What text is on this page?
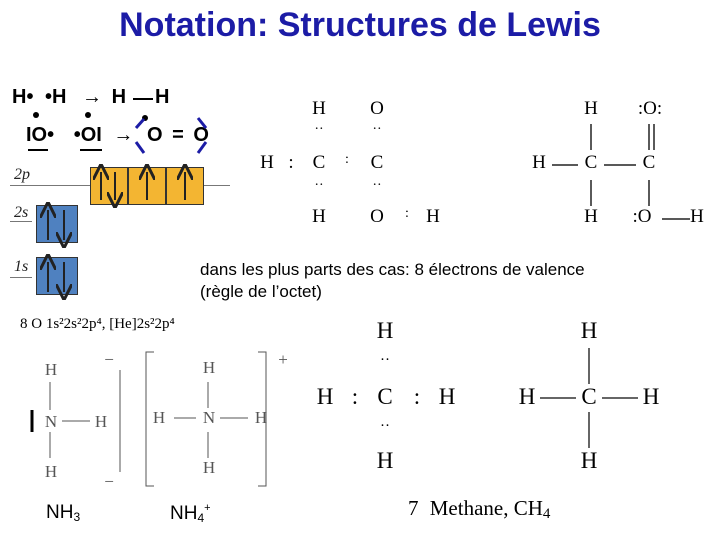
Notation: Structures de Lewis
H• •H → H H
IO• •OI → O = O
2p
2s
1s
8 O 1s²2s²2p⁴, [He]2s²2p⁴
H O
··	··
H :	C	:	C
··	··
H O	: H
H	:O:
H C C
H	:O	H
dans les plus parts des cas: 8 électrons de valence
(règle de l’octet)
H
N H
H
−
−
H
H N H
H
+
$NH_3$	$NH_4^+$
H
··
H : C : H
··
H
H
H C H
H
7 Methane, $CH_4$
